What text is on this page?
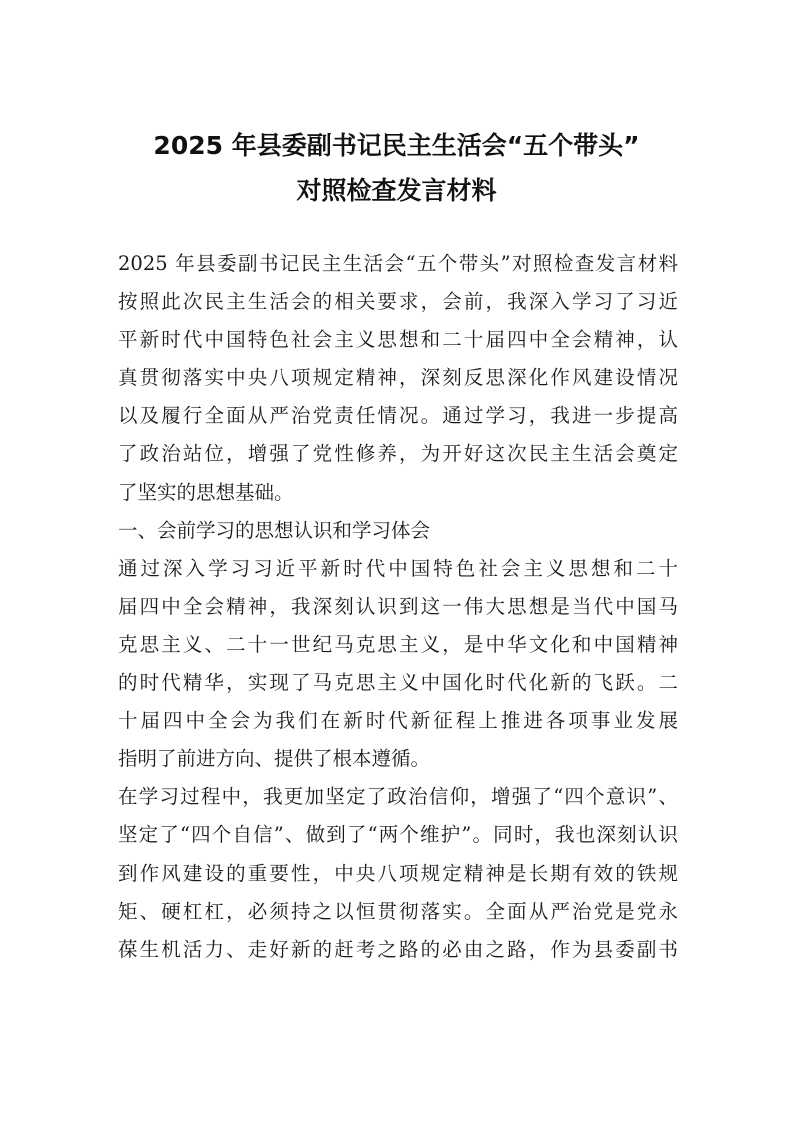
2025 年县委副书记民主生活会“五个带头”
对照检查发言材料
2025 年县委副书记民主生活会“五个带头”对照检查发言材料
按照此次民主生活会的相关要求，会前，我深入学习了习近
平新时代中国特色社会主义思想和二十届四中全会精神，认
真贯彻落实中央八项规定精神，深刻反思深化作风建设情况
以及履行全面从严治党责任情况。通过学习，我进一步提高
了政治站位，增强了党性修养，为开好这次民主生活会奠定
了坚实的思想基础。
一、会前学习的思想认识和学习体会
通过深入学习习近平新时代中国特色社会主义思想和二十
届四中全会精神，我深刻认识到这一伟大思想是当代中国马
克思主义、二十一世纪马克思主义，是中华文化和中国精神
的时代精华，实现了马克思主义中国化时代化新的飞跃。二
十届四中全会为我们在新时代新征程上推进各项事业发展
指明了前进方向、提供了根本遵循。
在学习过程中，我更加坚定了政治信仰，增强了“四个意识”、
坚定了“四个自信”、做到了“两个维护”。同时，我也深刻认识
到作风建设的重要性，中央八项规定精神是长期有效的铁规
矩、硬杠杠，必须持之以恒贯彻落实。全面从严治党是党永
葆生机活力、走好新的赶考之路的必由之路，作为县委副书
